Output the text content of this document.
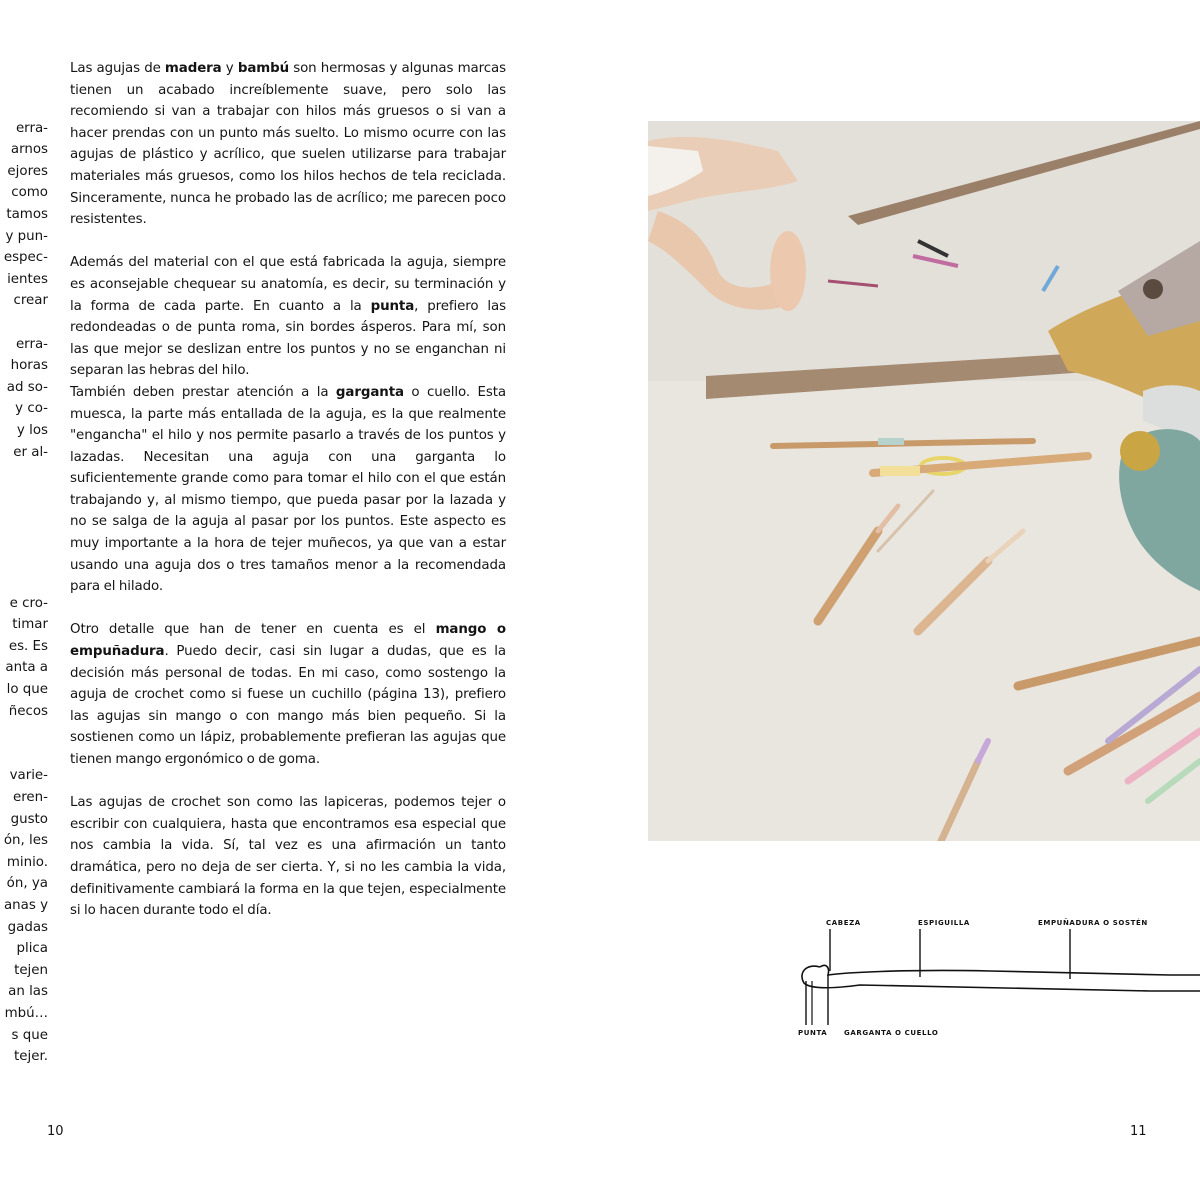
erra-
arnos
ejores
como
tamos
y pun-
espec-
ientes
crear
erra-
horas
ad so-
y co-
y los
er al-
e cro-
timar
es. Es
anta a
lo que
ñecos
varie-
eren-
gusto
ón, les
minio.
ón, ya
anas y
gadas
plica
tejen
an las
mbú…
s que
tejer.

Las agujas de madera y bambú son hermosas y algunas marcas tienen un acabado increíblemente suave, pero solo las recomiendo si van a trabajar con hilos más gruesos o si van a hacer prendas con un punto más suelto. Lo mismo ocurre con las agujas de plástico y acrílico, que suelen utilizarse para trabajar materiales más gruesos, como los hilos hechos de tela reciclada. Sinceramente, nunca he probado las de acrílico; me parecen poco resistentes.

Además del material con el que está fabricada la aguja, siempre es aconsejable chequear su anatomía, es decir, su terminación y la forma de cada parte. En cuanto a la punta, prefiero las redondeadas o de punta roma, sin bordes ásperos. Para mí, son las que mejor se deslizan entre los puntos y no se enganchan ni separan las hebras del hilo.

También deben prestar atención a la garganta o cuello. Esta muesca, la parte más entallada de la aguja, es la que realmente "engancha" el hilo y nos permite pasarlo a través de los puntos y lazadas. Necesitan una aguja con una garganta lo suficientemente grande como para tomar el hilo con el que están trabajando y, al mismo tiempo, que pueda pasar por la lazada y no se salga de la aguja al pasar por los puntos. Este aspecto es muy importante a la hora de tejer muñecos, ya que van a estar usando una aguja dos o tres tamaños menor a la recomendada para el hilado.

Otro detalle que han de tener en cuenta es el mango o empuñadura. Puedo decir, casi sin lugar a dudas, que es la decisión más personal de todas. En mi caso, como sostengo la aguja de crochet como si fuese un cuchillo (página 13), prefiero las agujas sin mango o con mango más bien pequeño. Si la sostienen como un lápiz, probablemente prefieran las agujas que tienen mango ergonómico o de goma.

Las agujas de crochet son como las lapiceras, podemos tejer o escribir con cualquiera, hasta que encontramos esa especial que nos cambia la vida. Sí, tal vez es una afirmación un tanto dramática, pero no deja de ser cierta. Y, si no les cambia la vida, definitivamente cambiará la forma en la que tejen, especialmente si lo hacen durante todo el día.

10
CABEZA	ESPIGUILLA	EMPUÑADURA O SOSTÉN
PUNTA GARGANTA O CUELLO
11
